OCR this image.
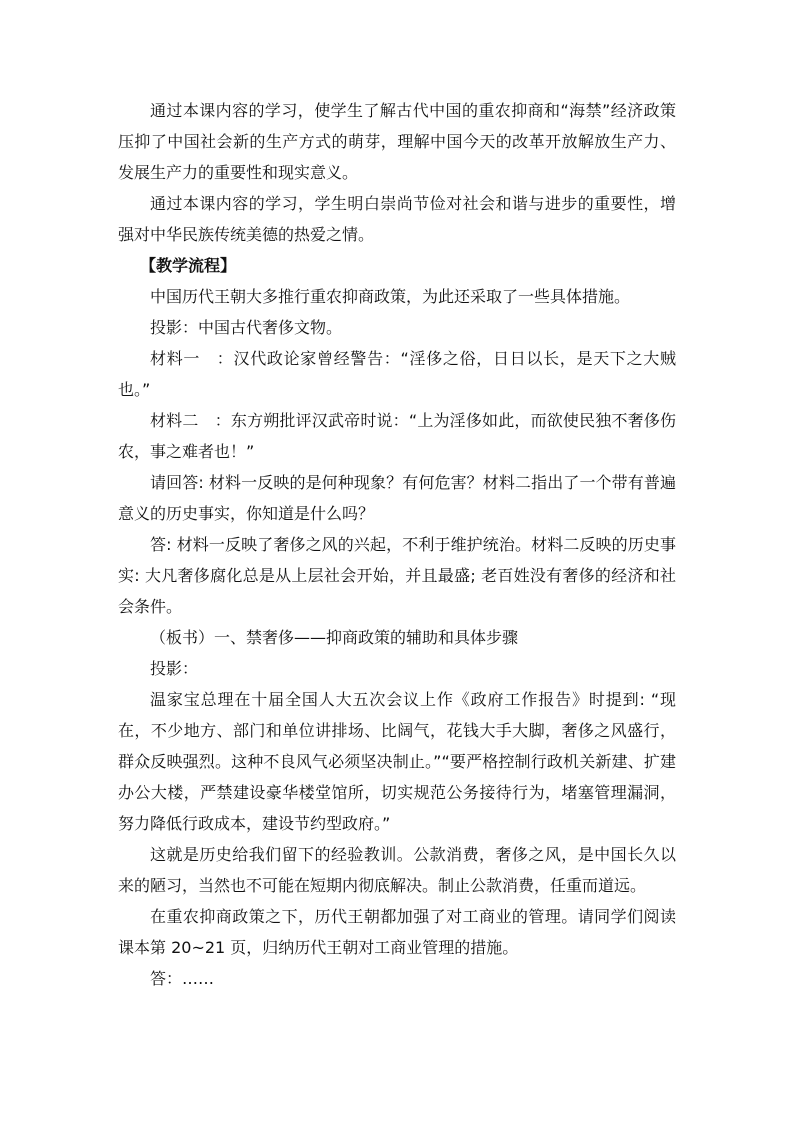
通过本课内容的学习，使学生了解古代中国的重农抑商和“海禁”经济政策压抑了中国社会新的生产方式的萌芽，理解中国今天的改革开放解放生产力、发展生产力的重要性和现实意义。

通过本课内容的学习，学生明白崇尚节俭对社会和谐与进步的重要性，增强对中华民族传统美德的热爱之情。

【教学流程】

中国历代王朝大多推行重农抑商政策，为此还采取了一些具体措施。

投影：中国古代奢侈文物。

材料一　：汉代政论家曾经警告：“淫侈之俗，日日以长，是天下之大贼也。”

材料二　：东方朔批评汉武帝时说：“上为淫侈如此，而欲使民独不奢侈伤农，事之难者也！”

请回答: 材料一反映的是何种现象？有何危害？材料二指出了一个带有普遍意义的历史事实，你知道是什么吗？

答: 材料一反映了奢侈之风的兴起，不利于维护统治。材料二反映的历史事实: 大凡奢侈腐化总是从上层社会开始，并且最盛; 老百姓没有奢侈的经济和社会条件。

（板书）一、禁奢侈——抑商政策的辅助和具体步骤

投影：

温家宝总理在十届全国人大五次会议上作《政府工作报告》时提到: “现在，不少地方、部门和单位讲排场、比阔气，花钱大手大脚，奢侈之风盛行，群众反映强烈。这种不良风气必须坚决制止。”“要严格控制行政机关新建、扩建办公大楼，严禁建设豪华楼堂馆所，切实规范公务接待行为，堵塞管理漏洞，努力降低行政成本，建设节约型政府。”

这就是历史给我们留下的经验教训。公款消费，奢侈之风，是中国长久以来的陋习，当然也不可能在短期内彻底解决。制止公款消费，任重而道远。

在重农抑商政策之下，历代王朝都加强了对工商业的管理。请同学们阅读课本第 20~21 页，归纳历代王朝对工商业管理的措施。

答：……
